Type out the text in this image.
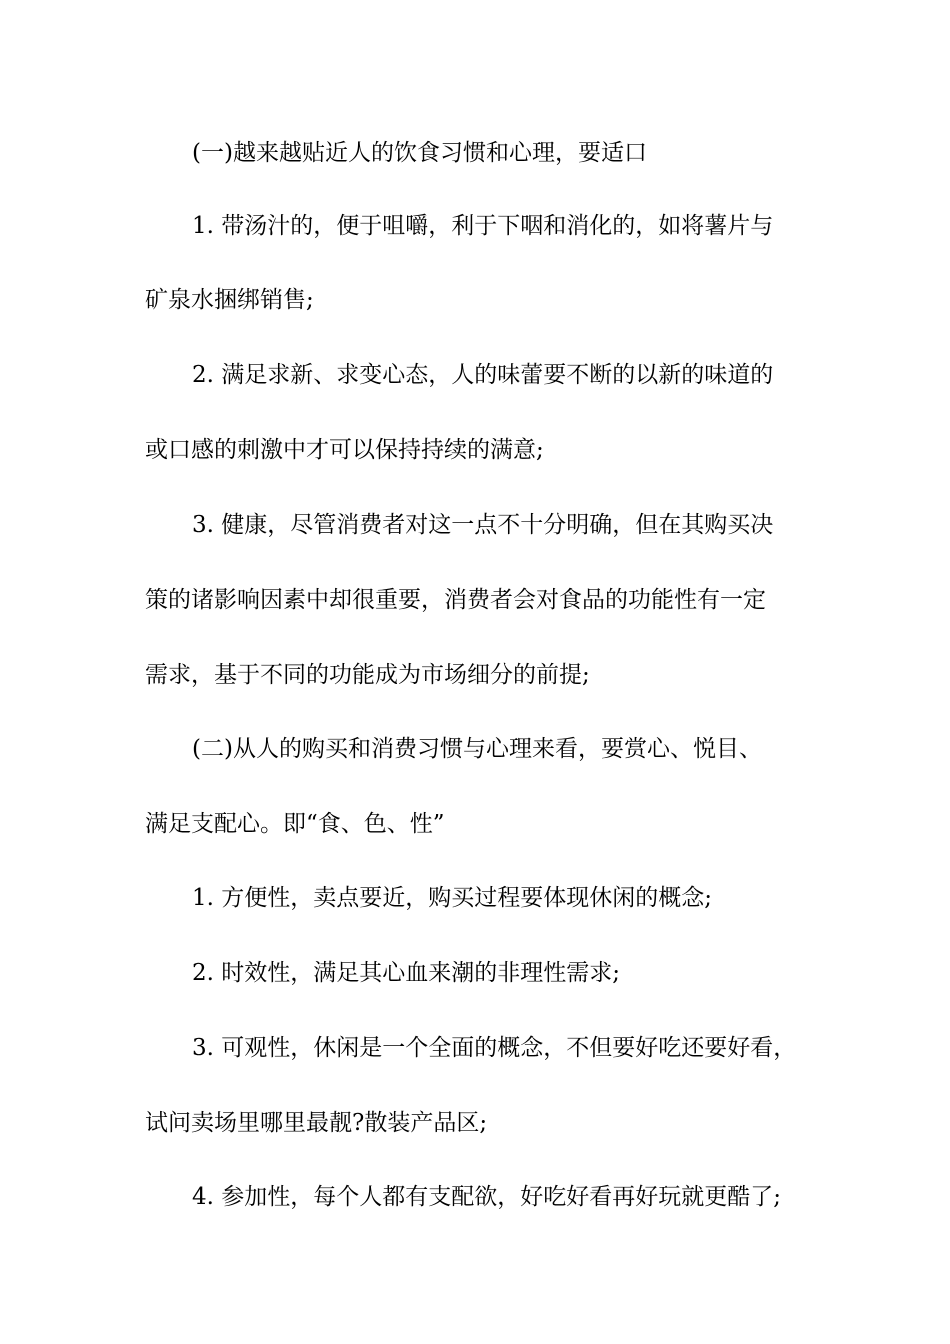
(一)越来越贴近人的饮食习惯和心理，要适口
1. 带汤汁的，便于咀嚼，利于下咽和消化的，如将薯片与
矿泉水捆绑销售;
2. 满足求新、求变心态，人的味蕾要不断的以新的味道的
或口感的刺激中才可以保持持续的满意;
3. 健康，尽管消费者对这一点不十分明确，但在其购买决
策的诸影响因素中却很重要，消费者会对食品的功能性有一定
需求，基于不同的功能成为市场细分的前提;
(二)从人的购买和消费习惯与心理来看，要赏心、悦目、
满足支配心。即“食、色、性”
1. 方便性，卖点要近，购买过程要体现休闲的概念;
2. 时效性，满足其心血来潮的非理性需求;
3. 可观性，休闲是一个全面的概念，不但要好吃还要好看，
试问卖场里哪里最靓?散装产品区;
4. 参加性，每个人都有支配欲，好吃好看再好玩就更酷了;
